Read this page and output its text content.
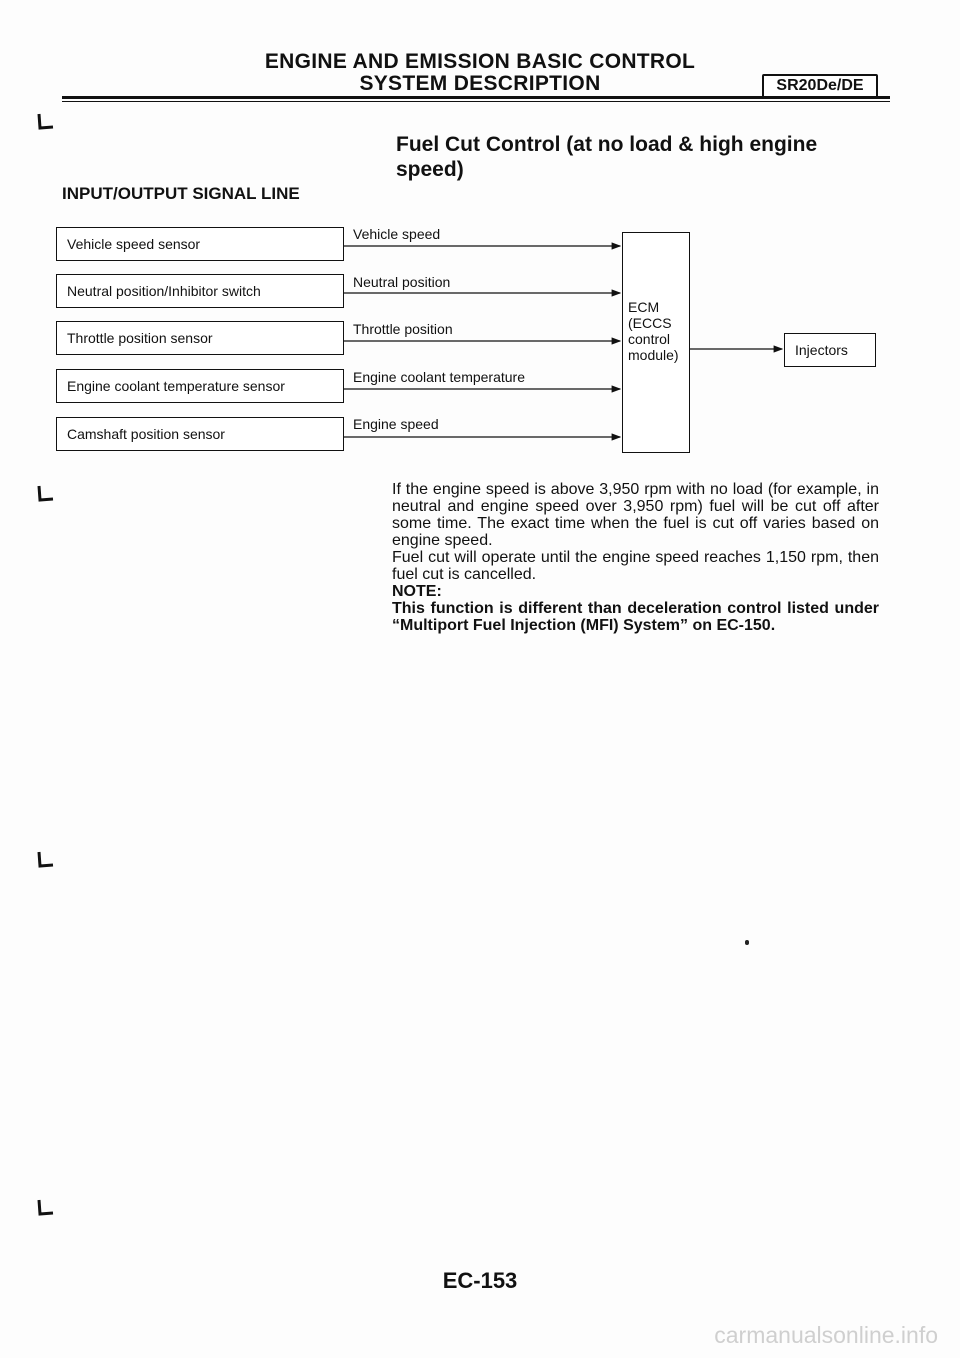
ENGINE AND EMISSION BASIC CONTROL
SYSTEM DESCRIPTION	SR20De/DE
Fuel Cut Control (at no load & high engine speed)
INPUT/OUTPUT SIGNAL LINE
Vehicle speed sensor
Neutral position/Inhibitor switch
Throttle position sensor
Engine coolant temperature sensor
Camshaft position sensor
Vehicle speed
Neutral position
Throttle position
Engine coolant temperature
Engine speed
ECM
(ECCS
control
module)	Injectors

If the engine speed is above 3,950 rpm with no load (for example, in neutral and engine speed over 3,950 rpm) fuel will be cut off after some time. The exact time when the fuel is cut off varies based on engine speed.

Fuel cut will operate until the engine speed reaches 1,150 rpm, then fuel cut is cancelled.

NOTE:

This function is different than deceleration control listed under “Multiport Fuel Injection (MFI) System” on EC-150.

EC-153
carmanualsonline.info
